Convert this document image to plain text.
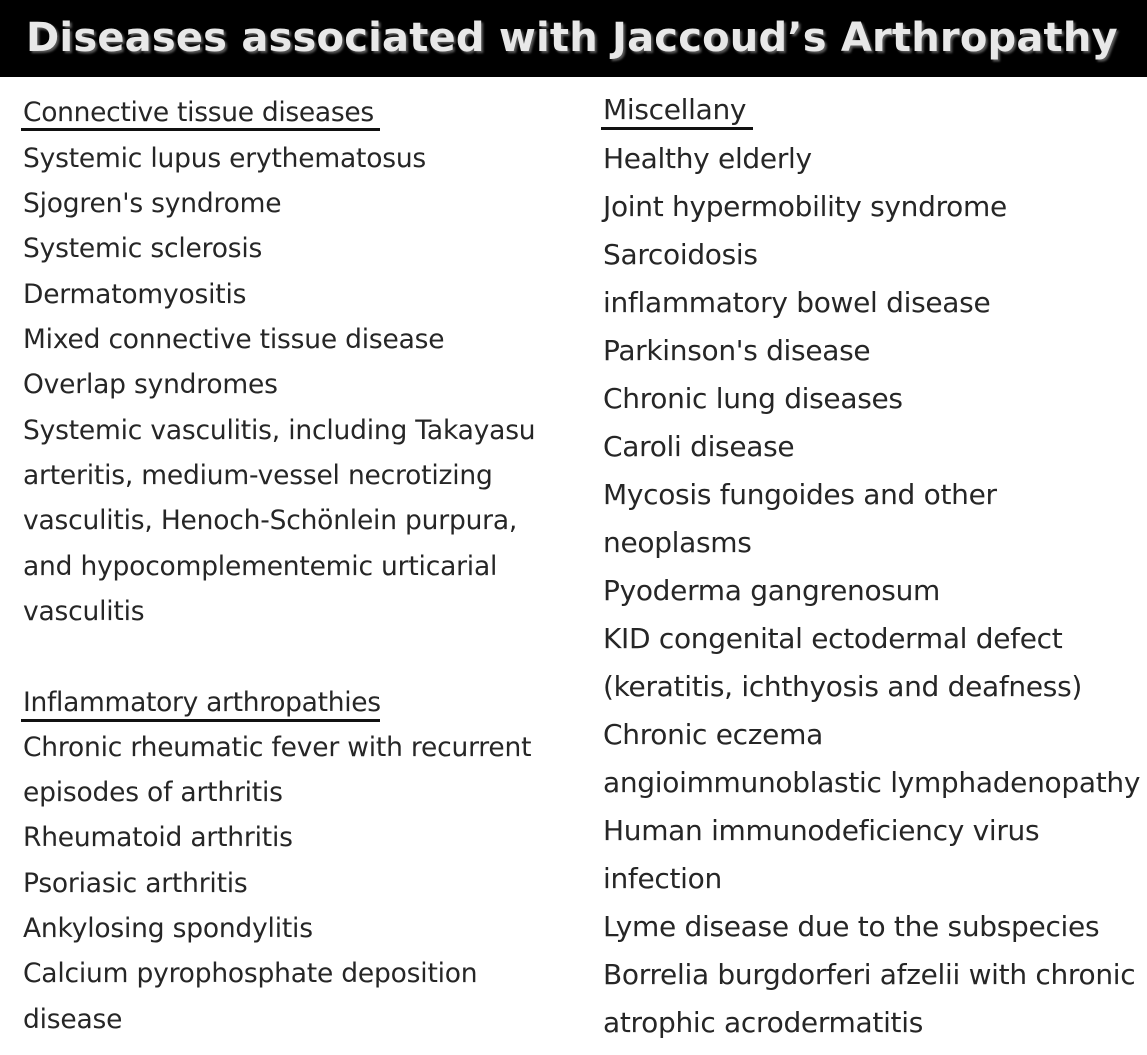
Diseases associated with Jaccoud’s Arthropathy
Connective tissue diseases
Systemic lupus erythematosus
Sjogren's syndrome
Systemic sclerosis
Dermatomyositis
Mixed connective tissue disease
Overlap syndromes
Systemic vasculitis, including Takayasu
arteritis, medium-vessel necrotizing
vasculitis, Henoch-Schönlein purpura,
and hypocomplementemic urticarial
vasculitis
Inflammatory arthropathies
Chronic rheumatic fever with recurrent
episodes of arthritis
Rheumatoid arthritis
Psoriasic arthritis
Ankylosing spondylitis
Calcium pyrophosphate deposition
disease
Miscellany
Healthy elderly
Joint hypermobility syndrome
Sarcoidosis
inflammatory bowel disease
Parkinson's disease
Chronic lung diseases
Caroli disease
Mycosis fungoides and other
neoplasms
Pyoderma gangrenosum
KID congenital ectodermal defect
(keratitis, ichthyosis and deafness)
Chronic eczema
angioimmunoblastic lymphadenopathy
Human immunodeficiency virus
infection
Lyme disease due to the subspecies
Borrelia burgdorferi afzelii with chronic
atrophic acrodermatitis
